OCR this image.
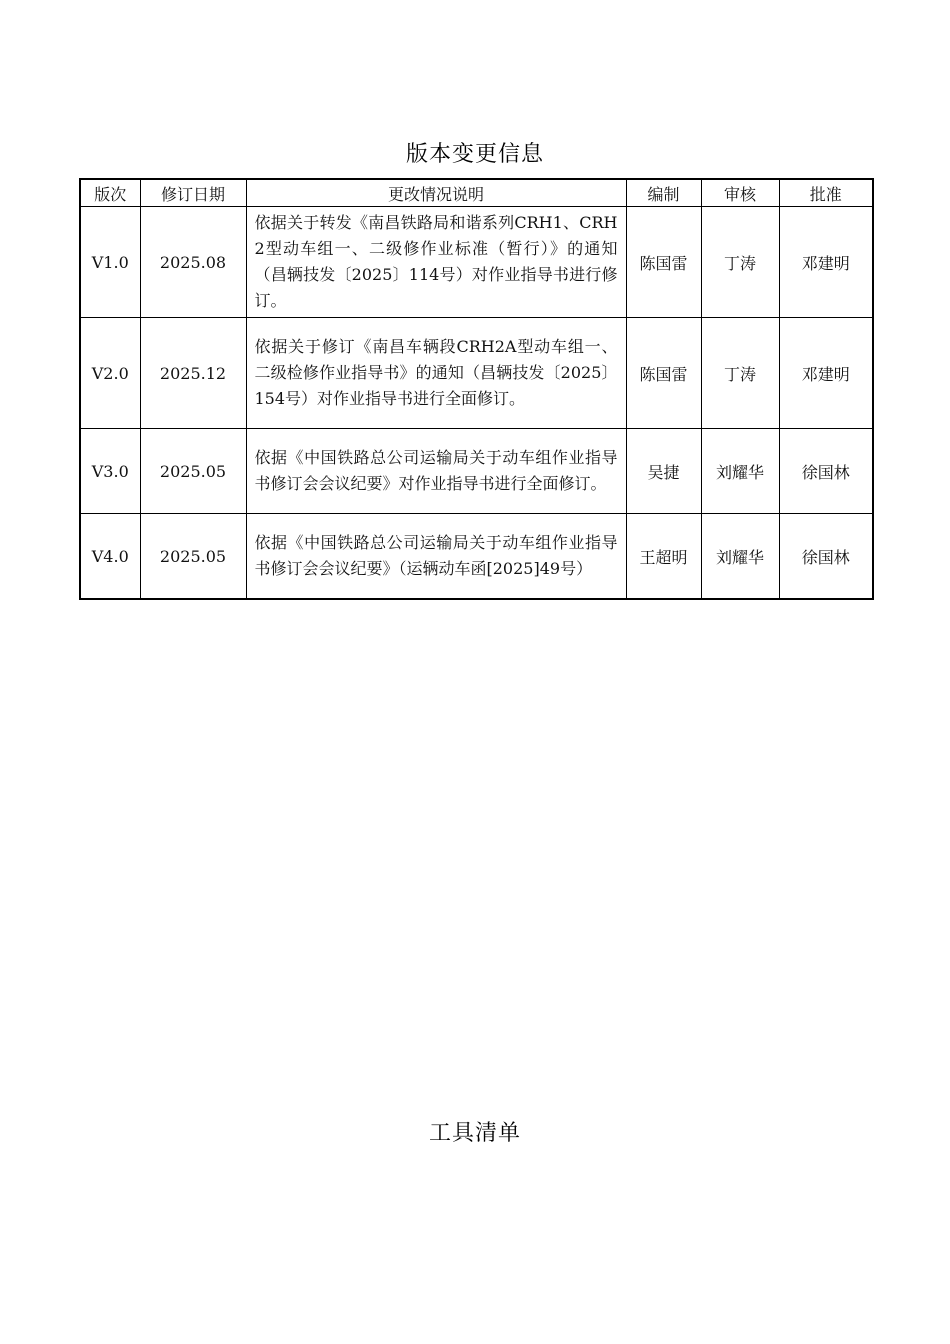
版本变更信息
版次	修订日期	更改情况说明	编制	审核	批准
V1.0	2025.08	依据关于转发《南昌铁路局和谐系列CRH1、CRH2型动车组一、二级修作业标准（暂行）》的通知（昌辆技发〔2025〕114号）对作业指导书进行修订。	陈国雷	丁涛	邓建明
V2.0	2025.12	依据关于修订《南昌车辆段CRH2A型动车组一、二级检修作业指导书》的通知（昌辆技发〔2025〕154号）对作业指导书进行全面修订。	陈国雷	丁涛	邓建明
V3.0	2025.05	依据《中国铁路总公司运输局关于动车组作业指导书修订会会议纪要》对作业指导书进行全面修订。	吴捷	刘耀华	徐国林
V4.0	2025.05	依据《中国铁路总公司运输局关于动车组作业指导书修订会会议纪要》（运辆动车函[2025]49号）	王超明	刘耀华	徐国林
工具清单
